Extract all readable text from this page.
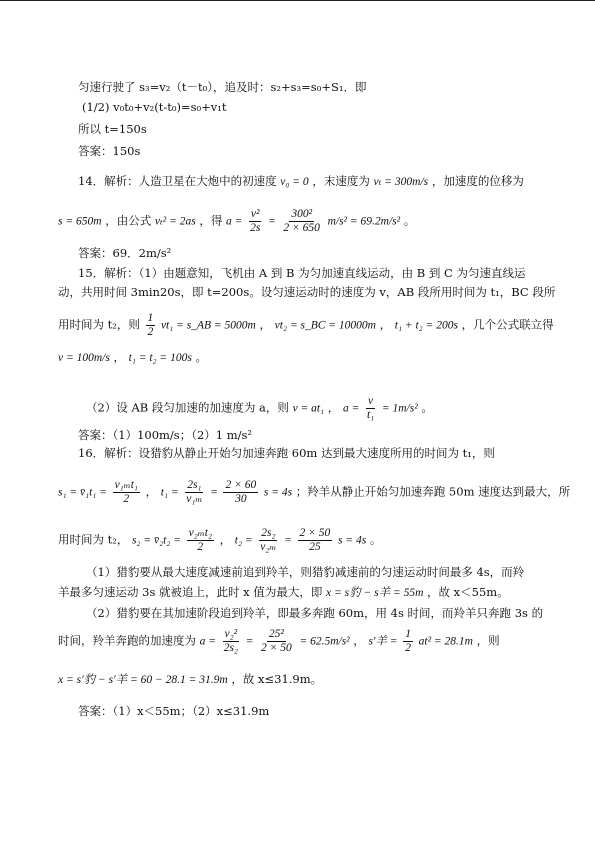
匀速行驶了 s₃=v₂（t－t₀），追及时：s₂+s₃=s₀+S₁．即
(1/2) v₀t₀+v₂(t-t₀)=s₀+v₁t
所以 t=150s
答案：150s
14．解析：人造卫星在大炮中的初速度 v₀ = 0 ，末速度为 vₜ = 300m/s ，加速度的位移为
s = 650m ，由公式 vₜ² = 2as ，得 $a = \frac{\text{v²}}{2s} = \frac{\text{300²}}{2 \times 650} m/s^2 = 69.2m/s^2$ 。
答案：69．2m/s²
15．解析：（1）由题意知，飞机由 A 到 B 为匀加速直线运动，由 B 到 C 为匀速直线运
动，共用时间 3min20s，即 t=200s。设匀速运动时的速度为 v，AB 段所用时间为 t₁，BC 段所
用时间为 t₂，则 $\frac{1}{2} vt_1$ = s_AB = 5000m ， vt₂ = s_BC = 10000m ， t₁ + t₂ = 200s ，几个公式联立得
v = 100m/s ， t₁ = t₂ = 100s 。
（2）设 AB 段匀加速的加速度为 a，则 v = at₁ ， $a = \frac{v}{\text{t₁}} = 1m/s^2$ 。
答案：（1）100m/s；（2）1 m/s²
16．解析：设猎豹从静止开始匀加速奔跑 60m 达到最大速度所用的时间为 t₁，则
s₁ = v̄₁t₁ = $\frac{\text{v₁ₘt₁}}{2}$ ， $t_1 = \frac{\text{2s₁}}{\text{v₁ₘ}} = \frac{2 \times 60}{30}$ s = 4s ；羚羊从静止开始匀加速奔跑 50m 速度达到最大，所
用时间为 t₂， s₂ = v̄₂t₂ = $\frac{\text{v₂ₘt₂}}{2}$ ， $t_2 = \frac{\text{2s₂}}{\text{v₂ₘ}} = \frac{2 \times 50}{25}$ s = 4s 。
（1）猎豹要从最大速度减速前追到羚羊，则猎豹减速前的匀速运动时间最多 4s，而羚
羊最多匀速运动 3s 就被追上，此时 x 值为最大，即 x = s豹 − s羊 = 55m ，故 x＜55m。
（2）猎豹要在其加速阶段追到羚羊，即最多奔跑 60m，用 4s 时间，而羚羊只奔跑 3s 的
时间，羚羊奔跑的加速度为 $a = \frac{\text{v₂²}}{\text{2s₂}} = \frac{\text{25²}}{2 \times 50} = 62.5m/s^2$ ， s′羊 = $\frac{1}{2} at^2 = 28.1m$ ，则
x = s′豹 − s′羊 = 60 − 28.1 = 31.9m ，故 x≤31.9m。
答案：（1）x＜55m；（2）x≤31.9m
